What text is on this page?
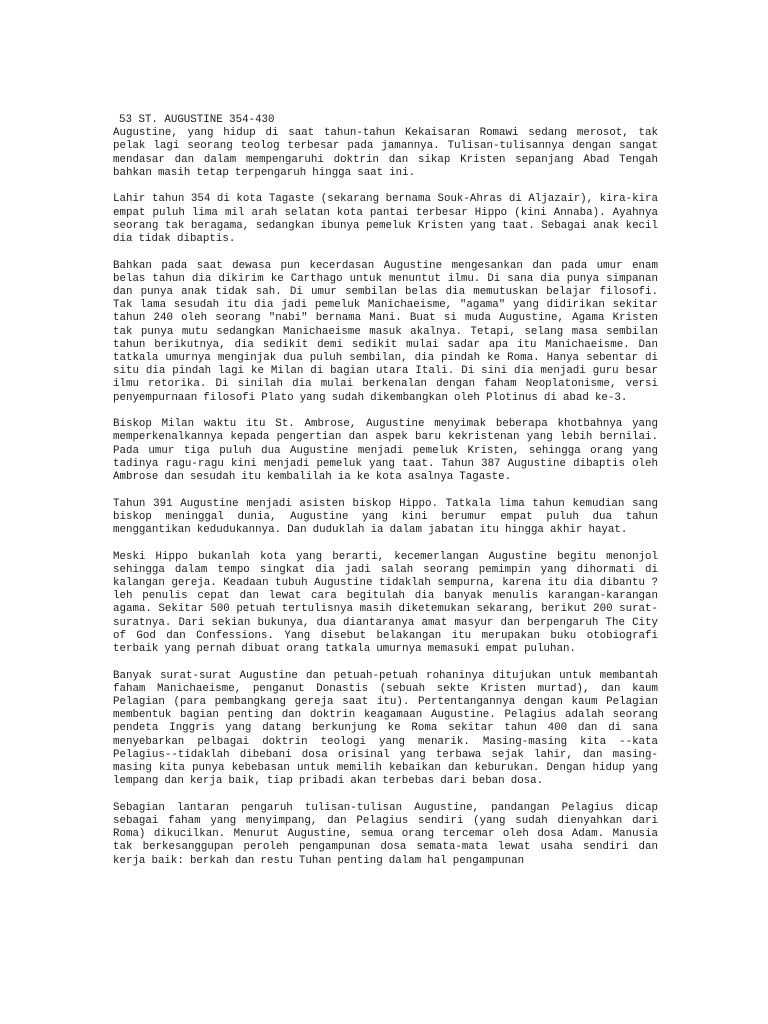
53 ST. AUGUSTINE 354-430

Augustine, yang hidup di saat tahun-tahun Kekaisaran Romawi sedang merosot, tak pelak lagi seorang teolog terbesar pada jamannya. Tulisan-tulisannya dengan sangat mendasar dan dalam mempengaruhi doktrin dan sikap Kristen sepanjang Abad Tengah bahkan masih tetap terpengaruh hingga saat ini.

Lahir tahun 354 di kota Tagaste (sekarang bernama Souk-Ahras di Aljazair), kira-kira empat puluh lima mil arah selatan kota pantai terbesar Hippo (kini Annaba). Ayahnya seorang tak beragama, sedangkan ibunya pemeluk Kristen yang taat. Sebagai anak kecil dia tidak dibaptis.

Bahkan pada saat dewasa pun kecerdasan Augustine mengesankan dan pada umur enam belas tahun dia dikirim ke Carthago untuk menuntut ilmu. Di sana dia punya simpanan dan punya anak tidak sah. Di umur sembilan belas dia memutuskan belajar filosofi. Tak lama sesudah itu dia jadi pemeluk Manichaeisme, "agama" yang didirikan sekitar tahun 240 oleh seorang "nabi" bernama Mani. Buat si muda Augustine, Agama Kristen tak punya mutu sedangkan Manichaeisme masuk akalnya. Tetapi, selang masa sembilan tahun berikutnya, dia sedikit demi sedikit mulai sadar apa itu Manichaeisme. Dan tatkala umurnya menginjak dua puluh sembilan, dia pindah ke Roma. Hanya sebentar di situ dia pindah lagi ke Milan di bagian utara Itali. Di sini dia menjadi guru besar ilmu retorika. Di sinilah dia mulai berkenalan dengan faham Neoplatonisme, versi penyempurnaan filosofi Plato yang sudah dikembangkan oleh Plotinus di abad ke-3.

Biskop Milan waktu itu St. Ambrose, Augustine menyimak beberapa khotbahnya yang memperkenalkannya kepada pengertian dan aspek baru kekristenan yang lebih bernilai. Pada umur tiga puluh dua Augustine menjadi pemeluk Kristen, sehingga orang yang tadinya ragu-ragu kini menjadi pemeluk yang taat. Tahun 387 Augustine dibaptis oleh Ambrose dan sesudah itu kembalilah ia ke kota asalnya Tagaste.

Tahun 391 Augustine menjadi asisten biskop Hippo. Tatkala lima tahun kemudian sang biskop meninggal dunia, Augustine yang kini berumur empat puluh dua tahun menggantikan kedudukannya. Dan duduklah ia dalam jabatan itu hingga akhir hayat.

Meski Hippo bukanlah kota yang berarti, kecemerlangan Augustine begitu menonjol sehingga dalam tempo singkat dia jadi salah seorang pemimpin yang dihormati di kalangan gereja. Keadaan tubuh Augustine tidaklah sempurna, karena itu dia dibantu ?leh penulis cepat dan lewat cara begitulah dia banyak menulis karangan-karangan agama. Sekitar 500 petuah tertulisnya masih diketemukan sekarang, berikut 200 surat-suratnya. Dari sekian bukunya, dua diantaranya amat masyur dan berpengaruh The City of God dan Confessions. Yang disebut belakangan itu merupakan buku otobiografi terbaik yang pernah dibuat orang tatkala umurnya memasuki empat puluhan.

Banyak surat-surat Augustine dan petuah-petuah rohaninya ditujukan untuk membantah faham Manichaeisme, penganut Donastis (sebuah sekte Kristen murtad), dan kaum Pelagian (para pembangkang gereja saat itu). Pertentangannya dengan kaum Pelagian membentuk bagian penting dan doktrin keagamaan Augustine. Pelagius adalah seorang pendeta Inggris yang datang berkunjung ke Roma sekitar tahun 400 dan di sana menyebarkan pelbagai doktrin teologi yang menarik. Masing-masing kita --kata Pelagius--tidaklah dibebani dosa orisinal yang terbawa sejak lahir, dan masing-masing kita punya kebebasan untuk memilih kebaikan dan keburukan. Dengan hidup yang lempang dan kerja baik, tiap pribadi akan terbebas dari beban dosa.

Sebagian lantaran pengaruh tulisan-tulisan Augustine, pandangan Pelagius dicap sebagai faham yang menyimpang, dan Pelagius sendiri (yang sudah dienyahkan dari Roma) dikucilkan. Menurut Augustine, semua orang tercemar oleh dosa Adam. Manusia tak berkesanggupan peroleh pengampunan dosa semata-mata lewat usaha sendiri dan kerja baik: berkah dan restu Tuhan penting dalam hal pengampunan
